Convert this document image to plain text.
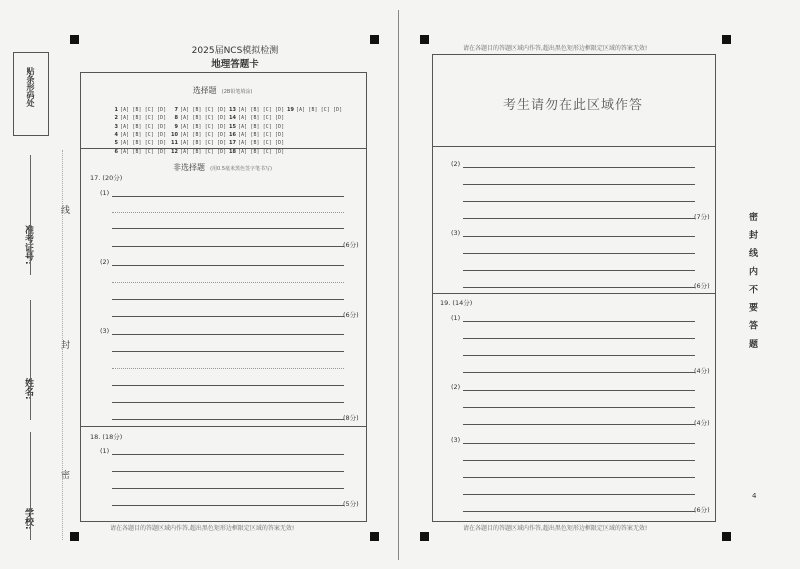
贴条形码处
准考证号:
姓名:
学校:
线
封
密
2025届NCS模拟检测
地理答题卡
选择题 (2B铅笔填涂)
1 [A] [B] [C] [D]	7 [A] [B] [C] [D] 13 [A] [B] [C] [D] 19 [A] [B] [C] [D]
2 [A] [B] [C] [D]	8 [A] [B] [C] [D] 14 [A] [B] [C] [D]
3 [A] [B] [C] [D]	9 [A] [B] [C] [D] 15 [A] [B] [C] [D]
4 [A] [B] [C] [D] 10 [A] [B] [C] [D] 16 [A] [B] [C] [D]
5 [A] [B] [C] [D] 11 [A] [B] [C] [D] 17 [A] [B] [C] [D]
6 [A] [B] [C] [D] 12 [A] [B] [C] [D] 18 [A] [B] [C] [D]
非选择题 (用0.5毫米黑色签字笔书写)
17. (20分)
(1)
(6分)
(2)
(6分)
(3)
(8分)
18. (18分)
(1)
(5分)
请在各题目的答题区域内作答,超出黑色矩形边框限定区域的答案无效!
请在各题目的答题区域内作答,超出黑色矩形边框限定区域的答案无效!
考生请勿在此区域作答
(2)
(7分)
(3)
(6分)
19. (14分)
(1)
(4分)
(2)
(4分)
(3)
(6分)
请在各题目的答题区域内作答,超出黑色矩形边框限定区域的答案无效!
密 封 线 内 不 要 答 题
4
